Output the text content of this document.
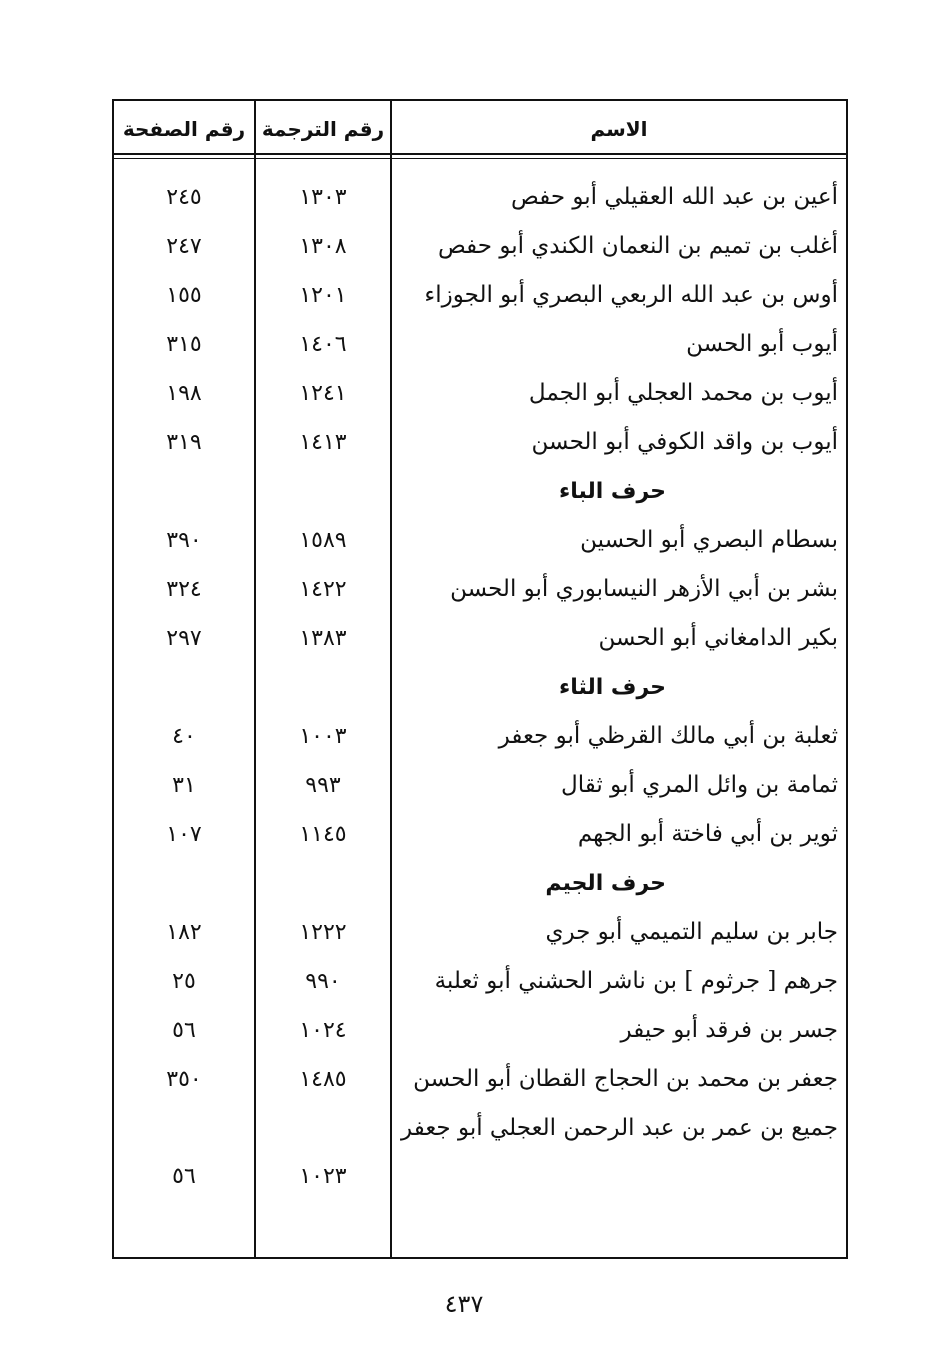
الاسم
رقم الترجمة
رقم الصفحة
أعين بن عبد الله العقيلي أبو حفص
١٣٠٣
٢٤٥
أغلب بن تميم بن النعمان الكندي أبو حفص
١٣٠٨
٢٤٧
أوس بن عبد الله الربعي البصري أبو الجوزاء
١٢٠١
١٥٥
أيوب أبو الحسن
١٤٠٦
٣١٥
أيوب بن محمد العجلي أبو الجمل
١٢٤١
١٩٨
أيوب بن واقد الكوفي أبو الحسن
١٤١٣
٣١٩
حرف الباء
بسطام البصري أبو الحسين
١٥٨٩
٣٩٠
بشر بن أبي الأزهر النيسابوري أبو الحسن
١٤٢٢
٣٢٤
بكير الدامغاني أبو الحسن
١٣٨٣
٢٩٧
حرف الثاء
ثعلبة بن أبي مالك القرظي أبو جعفر
١٠٠٣
٤٠
ثمامة بن وائل المري أبو ثقال
٩٩٣
٣١
ثوير بن أبي فاختة أبو الجهم
١١٤٥
١٠٧
حرف الجيم
جابر بن سليم التميمي أبو جري
١٢٢٢
١٨٢
جرهم [ جرثوم ] بن ناشر الحشني أبو ثعلبة
٩٩٠
٢٥
جسر بن فرقد أبو حيفر
١٠٢٤
٥٦
جعفر بن محمد بن الحجاج القطان أبو الحسن
١٤٨٥
٣٥٠
جميع بن عمر بن عبد الرحمن العجلي أبو جعفر
١٠٢٣
٥٦
٤٣٧
